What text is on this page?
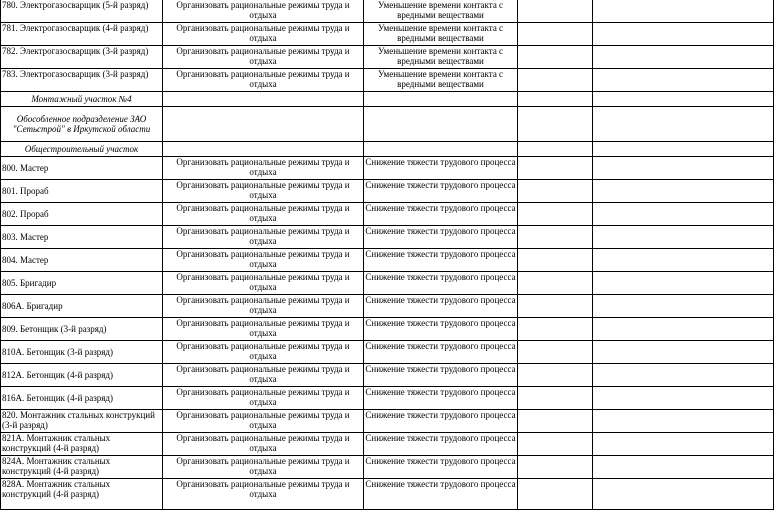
780. Электрогазосварщик (5-й разряд)	Организовать рациональные режимы труда и отдыха	Уменьшение времени контакта с вредными веществами		
781. Электрогазосварщик (4-й разряд)	Организовать рациональные режимы труда и отдыха	Уменьшение времени контакта с вредными веществами		
782. Электрогазосварщик (3-й разряд)	Организовать рациональные режимы труда и отдыха	Уменьшение времени контакта с вредными веществами		
783. Электрогазосварщик (3-й разряд)	Организовать рациональные режимы труда и отдыха	Уменьшение времени контакта с вредными веществами		
Монтажный участок №4				
Обособленное подразделение ЗАО "Сетьстрой" в Иркутской области				
Общестроительный участок				
800. Мастер	Организовать рациональные режимы труда и отдыха	Снижение тяжести трудового процесса		
801. Прораб	Организовать рациональные режимы труда и отдыха	Снижение тяжести трудового процесса		
802. Прораб	Организовать рациональные режимы труда и отдыха	Снижение тяжести трудового процесса		
803. Мастер	Организовать рациональные режимы труда и отдыха	Снижение тяжести трудового процесса		
804. Мастер	Организовать рациональные режимы труда и отдыха	Снижение тяжести трудового процесса		
805. Бригадир	Организовать рациональные режимы труда и отдыха	Снижение тяжести трудового процесса		
806А. Бригадир	Организовать рациональные режимы труда и отдыха	Снижение тяжести трудового процесса		
809. Бетонщик (3-й разряд)	Организовать рациональные режимы труда и отдыха	Снижение тяжести трудового процесса		
810А. Бетонщик (3-й разряд)	Организовать рациональные режимы труда и отдыха	Снижение тяжести трудового процесса		
812А. Бетонщик (4-й разряд)	Организовать рациональные режимы труда и отдыха	Снижение тяжести трудового процесса		
816А. Бетонщик (4-й разряд)	Организовать рациональные режимы труда и отдыха	Снижение тяжести трудового процесса		
820. Монтажник стальных конструкций (3-й разряд)	Организовать рациональные режимы труда и отдыха	Снижение тяжести трудового процесса		
821А. Монтажник стальных конструкций (4-й разряд)	Организовать рациональные режимы труда и отдыха	Снижение тяжести трудового процесса		
824А. Монтажник стальных конструкций (4-й разряд)	Организовать рациональные режимы труда и отдыха	Снижение тяжести трудового процесса		
828А. Монтажник стальных конструкций (4-й разряд)	Организовать рациональные режимы труда и отдыха	Снижение тяжести трудового процесса		
